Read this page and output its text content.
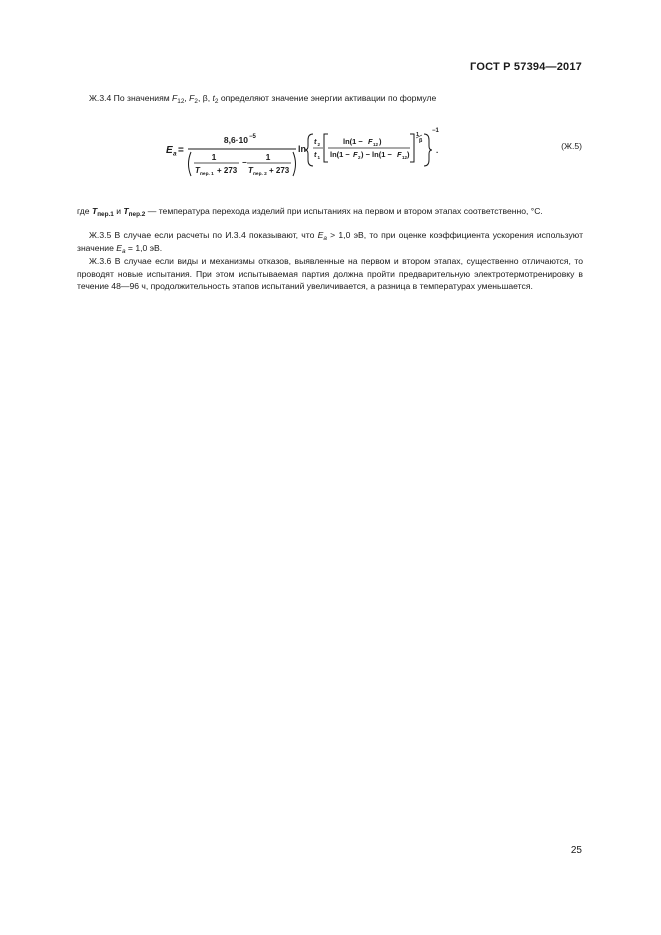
ГОСТ Р 57394—2017

Ж.3.4 По значениям $F_{12}$, $F_2$, β, $t_2$ определяют значение энергии активации по формуле

E a =
8,6·10 −5
1
T пер. 1 + 273
−
1
T пер. 2 + 273
ln
t 2
t 1
ln(1 − F 12 )
ln(1 − F 2 ) − ln(1 − F 12 )
1
β
−1
.	(Ж.5)

где $T_{пер.1}$ и $T_{пер.2}$ — температура перехода изделий при испытаниях на первом и втором этапах соответственно, °С.

Ж.3.5 В случае если расчеты по И.3.4 показывают, что $E_a > 1,0$ эВ, то при оценке коэффициента ускорения используют значение $E_a = 1,0$ эВ.

Ж.3.6 В случае если виды и механизмы отказов, выявленные на первом и втором этапах, существенно отличаются, то проводят новые испытания. При этом испытываемая партия должна пройти предварительную электротермотренировку в течение 48—96 ч, продолжительность этапов испытаний увеличивается, а разница в температурах уменьшается.

25
